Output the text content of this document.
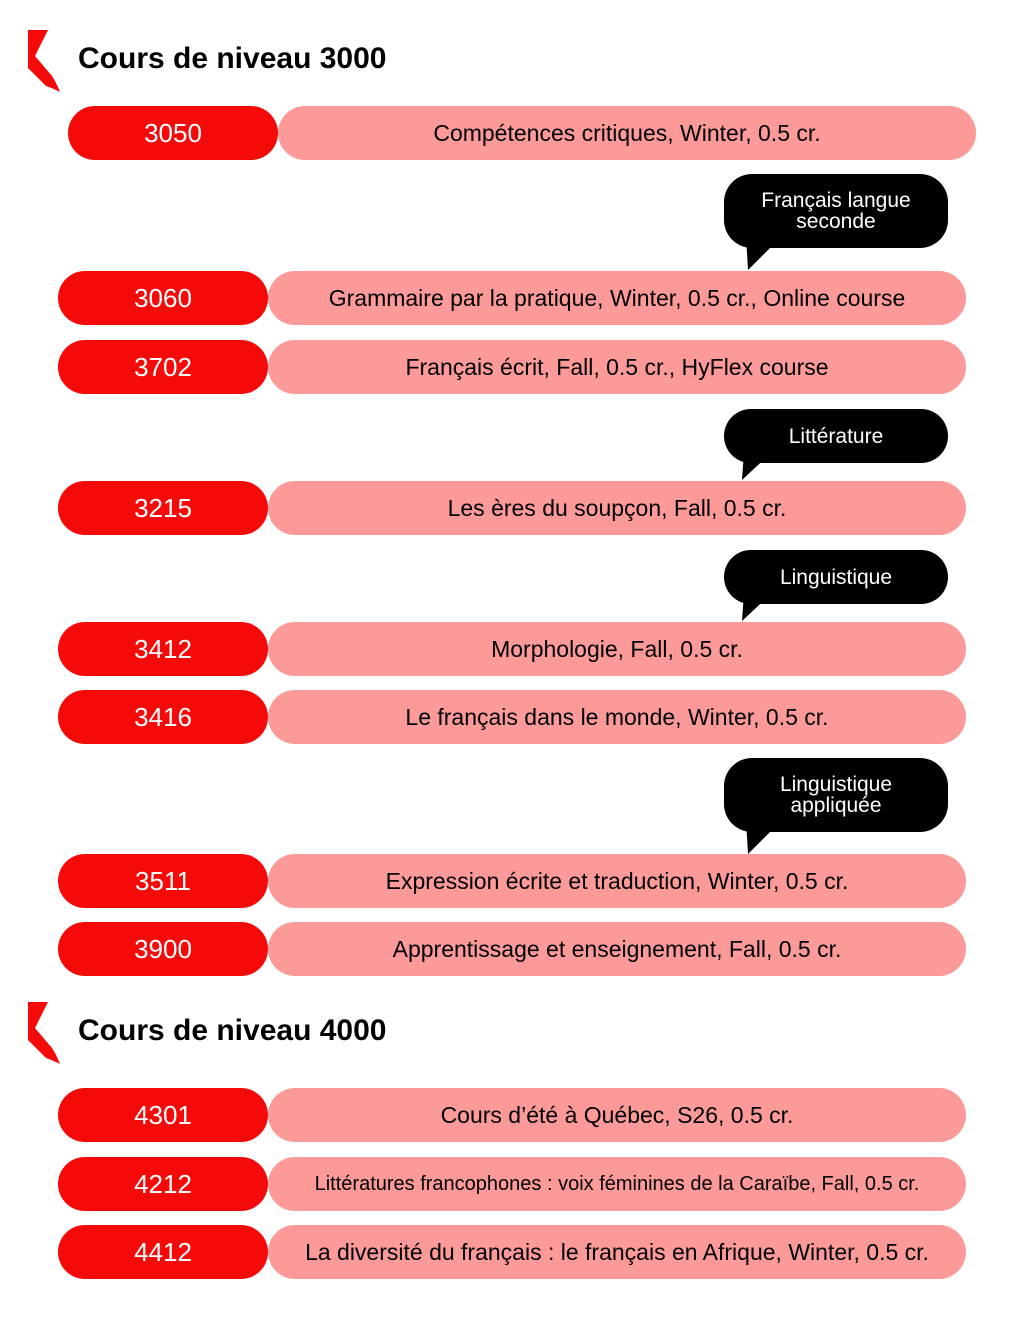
Cours de niveau 3000
3050	Compétences critiques, Winter, 0.5 cr.
Français langue
seconde
3060	Grammaire par la pratique, Winter, 0.5 cr., Online course
3702	Français écrit, Fall, 0.5 cr., HyFlex course
Littérature
3215	Les ères du soupçon, Fall, 0.5 cr.
Linguistique
3412	Morphologie, Fall, 0.5 cr.
3416	Le français dans le monde, Winter, 0.5 cr.
Linguistique
appliquée
3511	Expression écrite et traduction, Winter, 0.5 cr.
3900	Apprentissage et enseignement, Fall, 0.5 cr.
Cours de niveau 4000
4301	Cours d’été à Québec, S26, 0.5 cr.
4212	Littératures francophones : voix féminines de la Caraïbe, Fall, 0.5 cr.
4412	La diversité du français : le français en Afrique, Winter, 0.5 cr.
